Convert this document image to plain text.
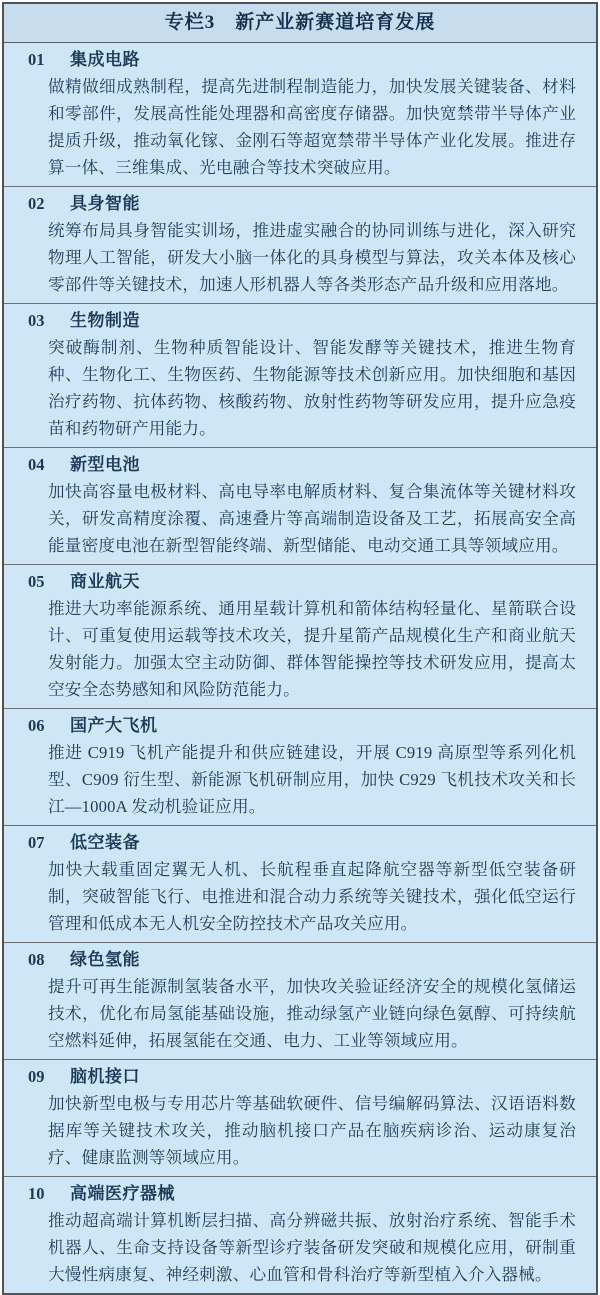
专栏3　新产业新赛道培育发展
01	集成电路

做精做细成熟制程，提高先进制程制造能力，加快发展关键装备、材料和零部件，发展高性能处理器和高密度存储器。加快宽禁带半导体产业提质升级，推动氧化镓、金刚石等超宽禁带半导体产业化发展。推进存算一体、三维集成、光电融合等技术突破应用。

02	具身智能

统筹布局具身智能实训场，推进虚实融合的协同训练与进化，深入研究物理人工智能，研发大小脑一体化的具身模型与算法，攻关本体及核心零部件等关键技术，加速人形机器人等各类形态产品升级和应用落地。

03	生物制造

突破酶制剂、生物种质智能设计、智能发酵等关键技术，推进生物育种、生物化工、生物医药、生物能源等技术创新应用。加快细胞和基因治疗药物、抗体药物、核酸药物、放射性药物等研发应用，提升应急疫苗和药物研产用能力。

04	新型电池

加快高容量电极材料、高电导率电解质材料、复合集流体等关键材料攻关，研发高精度涂覆、高速叠片等高端制造设备及工艺，拓展高安全高能量密度电池在新型智能终端、新型储能、电动交通工具等领域应用。

05	商业航天

推进大功率能源系统、通用星载计算机和箭体结构轻量化、星箭联合设计、可重复使用运载等技术攻关，提升星箭产品规模化生产和商业航天发射能力。加强太空主动防御、群体智能操控等技术研发应用，提高太空安全态势感知和风险防范能力。

06	国产大飞机

推进 C919 飞机产能提升和供应链建设，开展 C919 高原型等系列化机型、C909 衍生型、新能源飞机研制应用，加快 C929 飞机技术攻关和长江—1000A 发动机验证应用。

07	低空装备

加快大载重固定翼无人机、长航程垂直起降航空器等新型低空装备研制，突破智能飞行、电推进和混合动力系统等关键技术，强化低空运行管理和低成本无人机安全防控技术产品攻关应用。

08	绿色氢能

提升可再生能源制氢装备水平，加快攻关验证经济安全的规模化氢储运技术，优化布局氢能基础设施，推动绿氢产业链向绿色氨醇、可持续航空燃料延伸，拓展氢能在交通、电力、工业等领域应用。

09	脑机接口

加快新型电极与专用芯片等基础软硬件、信号编解码算法、汉语语料数据库等关键技术攻关，推动脑机接口产品在脑疾病诊治、运动康复治疗、健康监测等领域应用。

10	高端医疗器械

推动超高端计算机断层扫描、高分辨磁共振、放射治疗系统、智能手术机器人、生命支持设备等新型诊疗装备研发突破和规模化应用，研制重大慢性病康复、神经刺激、心血管和骨科治疗等新型植入介入器械。
